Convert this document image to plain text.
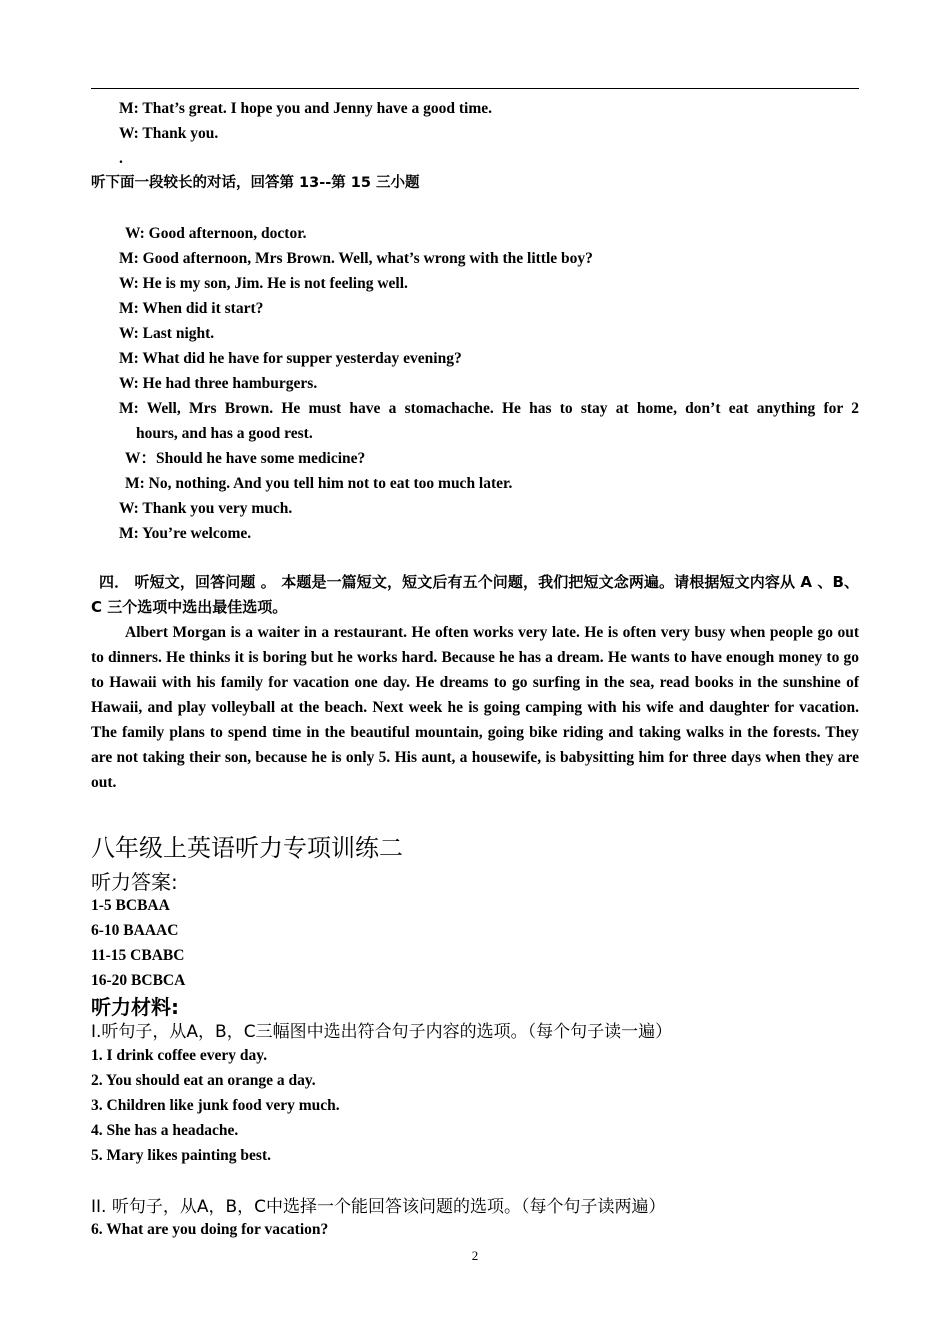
M: That’s great. I hope you and Jenny have a good time.
W: Thank you.
.
听下面一段较长的对话，回答第 13--第 15 三小题
W: Good afternoon, doctor.
M: Good afternoon, Mrs Brown. Well, what’s wrong with the little boy?
W: He is my son, Jim. He is not feeling well.
M: When did it start?
W: Last night.
M: What did he have for supper yesterday evening?
W: He had three hamburgers.
M: Well, Mrs Brown. He must have a stomachache. He has to stay at home, don’t eat anything for 2
hours, and has a good rest.
W：Should he have some medicine?
M: No, nothing. And you tell him not to eat too much later.
W: Thank you very much.
M: You’re welcome.
四． 听短文，回答问题 。 本题是一篇短文，短文后有五个问题，我们把短文念两遍。请根据短文内容从 A 、B、C 三个选项中选出最佳选项。
Albert Morgan is a waiter in a restaurant. He often works very late. He is often very busy when people go out to dinners. He thinks it is boring but he works hard. Because he has a dream. He wants to have enough money to go to Hawaii with his family for vacation one day. He dreams to go surfing in the sea, read books in the sunshine of Hawaii, and play volleyball at the beach. Next week he is going camping with his wife and daughter for vacation. The family plans to spend time in the beautiful mountain, going bike riding and taking walks in the forests. They are not taking their son, because he is only 5. His aunt, a housewife, is babysitting him for three days when they are out.
八年级上英语听力专项训练二
听力答案:
1-5 BCBAA
6-10 BAAAC
11-15 CBABC
16-20 BCBCA
听力材料:
I.听句子，从A，B，C三幅图中选出符合句子内容的选项。（每个句子读一遍）
1. I drink coffee every day.
2. You should eat an orange a day.
3. Children like junk food very much.
4. She has a headache.
5. Mary likes painting best.
II. 听句子，从A，B，C中选择一个能回答该问题的选项。（每个句子读两遍）
6. What are you doing for vacation?
2
